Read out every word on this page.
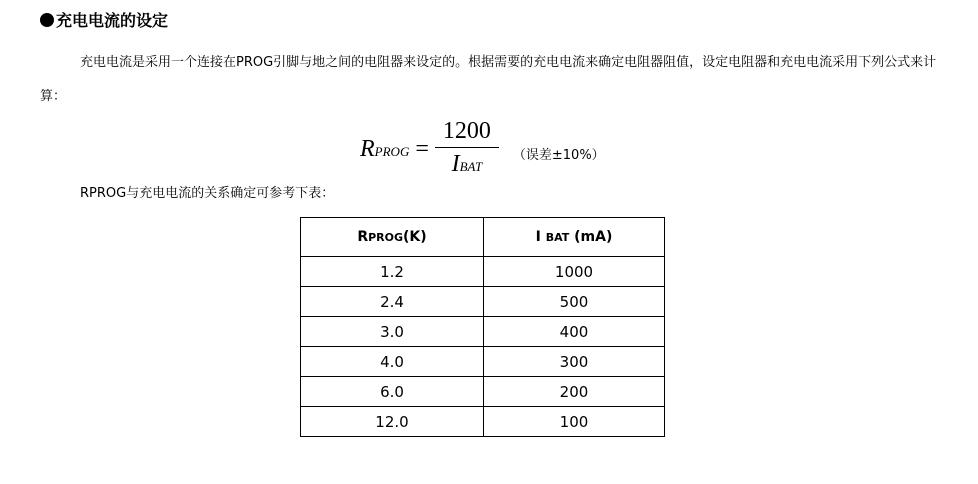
充电电流的设定

充电电流是采用一个连接在PROG引脚与地之间的电阻器来设定的。根据需要的充电电流来确定电阻器阻值，设定电阻器和充电电流采用下列公式来计算：

RPROG = $\frac{1200}{\text{IBAT}}$ （误差±10%）
RPROG与充电电流的关系确定可参考下表：
RPROG(K)	I BAT (mA)
1.2	1000
2.4	500
3.0	400
4.0	300
6.0	200
12.0	100
